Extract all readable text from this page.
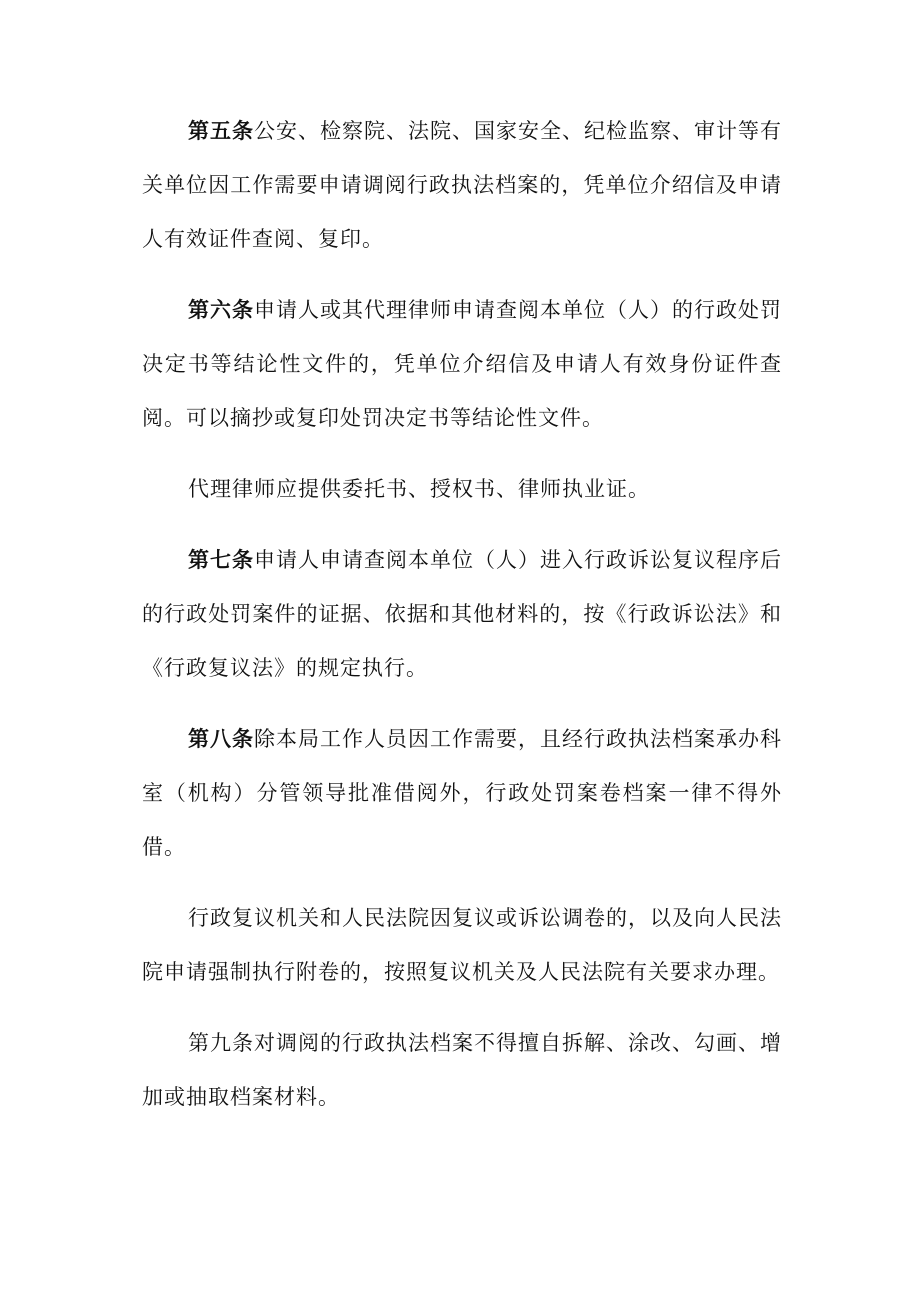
第五条公安、检察院、法院、国家安全、纪检监察、审计等有关单位因工作需要申请调阅行政执法档案的，凭单位介绍信及申请人有效证件查阅、复印。

第六条申请人或其代理律师申请查阅本单位（人）的行政处罚决定书等结论性文件的，凭单位介绍信及申请人有效身份证件查阅。可以摘抄或复印处罚决定书等结论性文件。

代理律师应提供委托书、授权书、律师执业证。

第七条申请人申请查阅本单位（人）进入行政诉讼复议程序后的行政处罚案件的证据、依据和其他材料的，按《行政诉讼法》和《行政复议法》的规定执行。

第八条除本局工作人员因工作需要，且经行政执法档案承办科室（机构）分管领导批准借阅外，行政处罚案卷档案一律不得外借。

行政复议机关和人民法院因复议或诉讼调卷的，以及向人民法院申请强制执行附卷的，按照复议机关及人民法院有关要求办理。

第九条对调阅的行政执法档案不得擅自拆解、涂改、勾画、增加或抽取档案材料。
